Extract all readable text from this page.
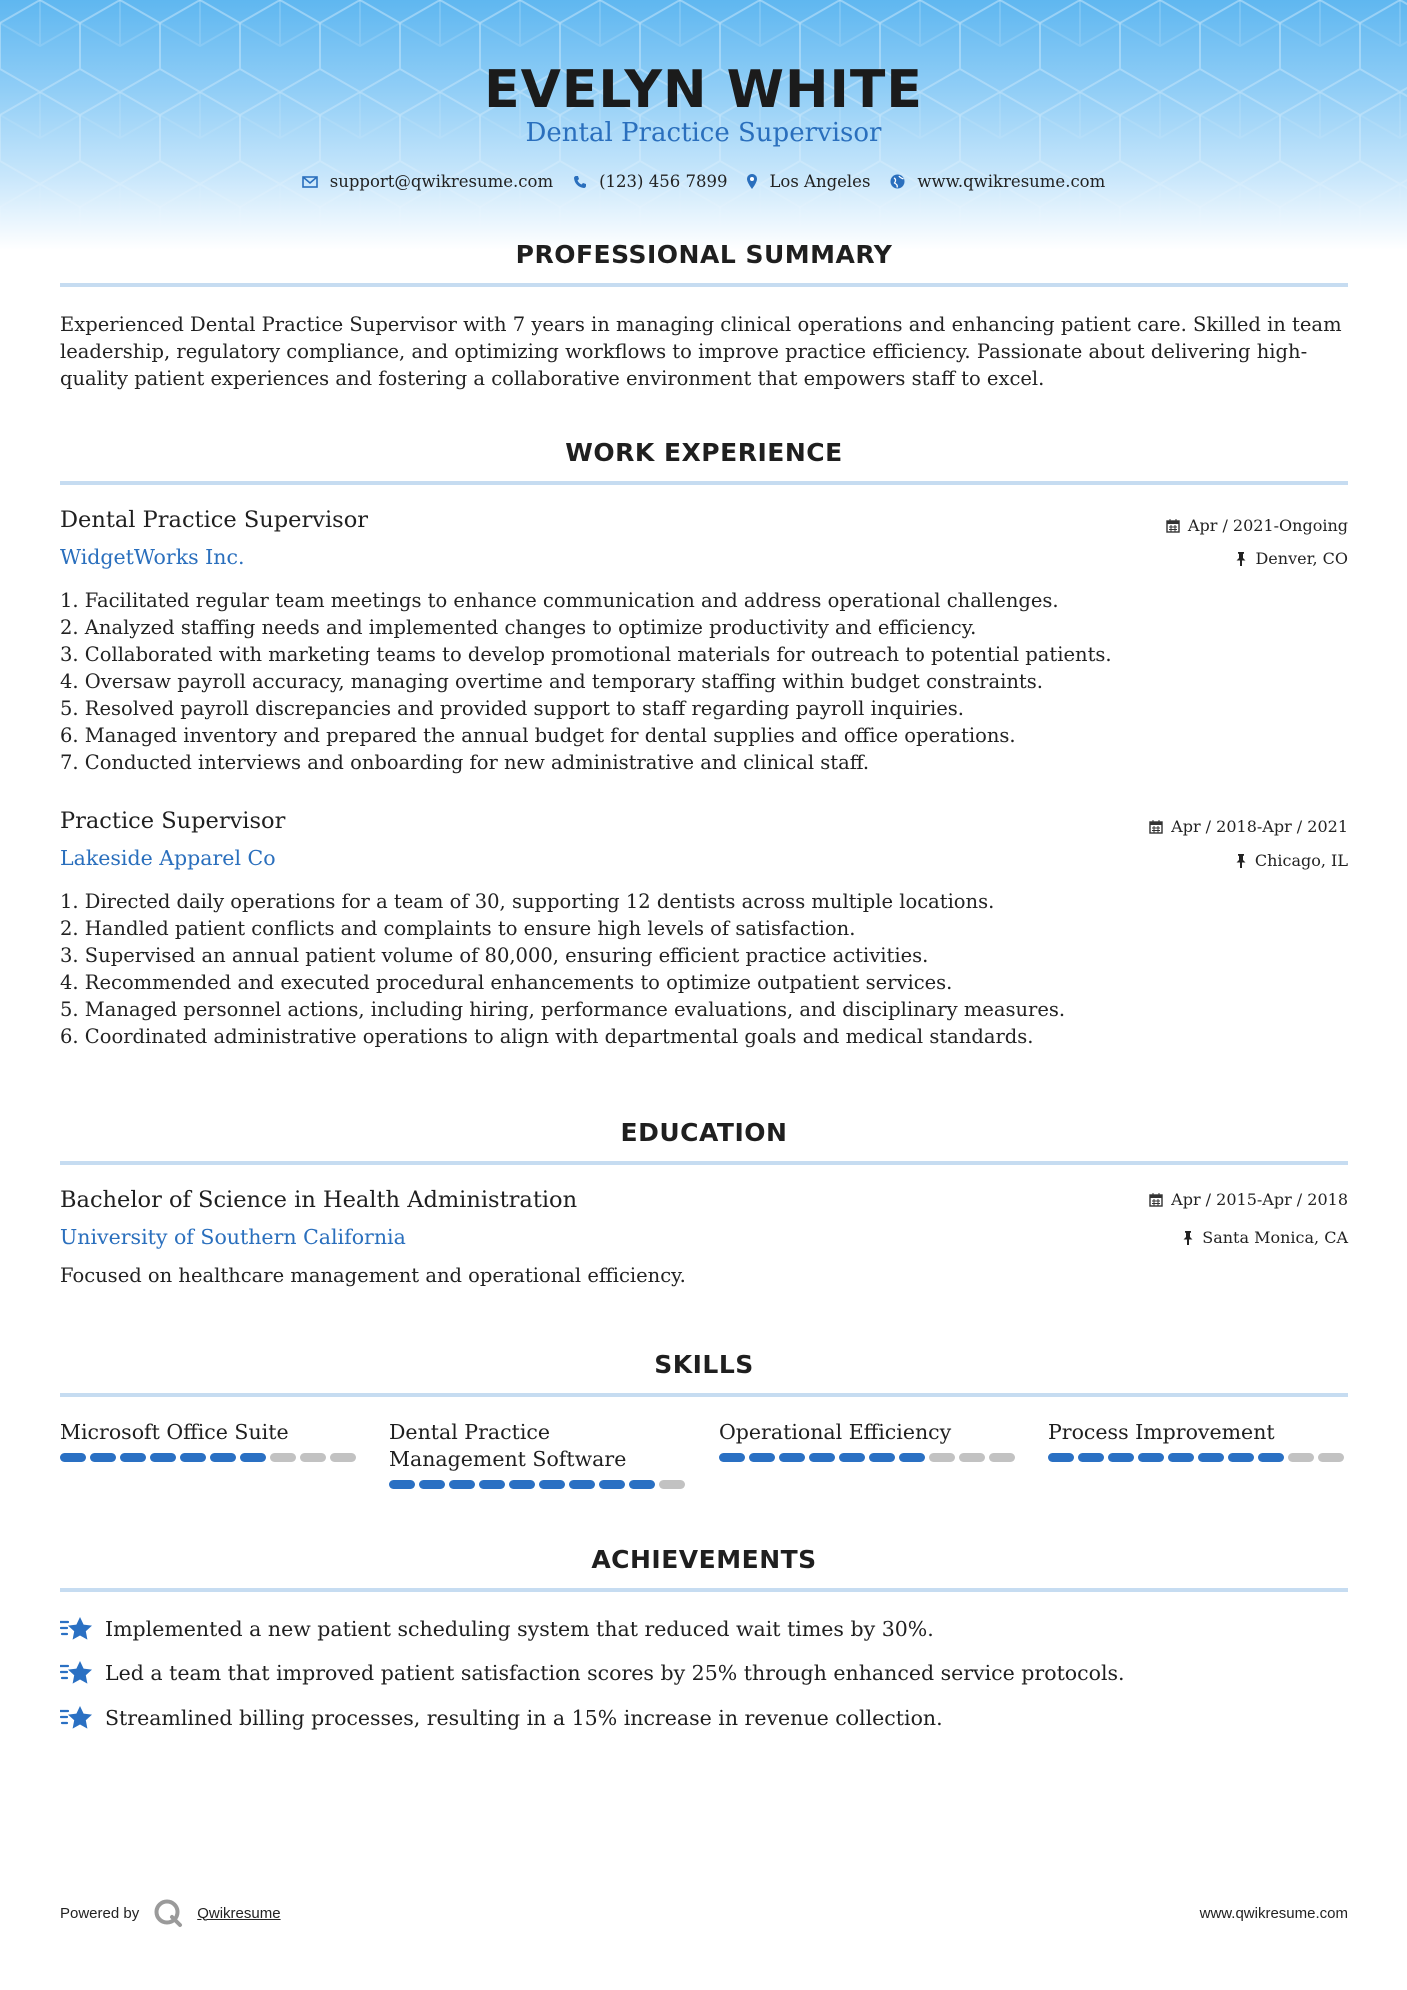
EVELYN WHITE
Dental Practice Supervisor
support@qwikresume.com	(123) 456 7899	Los Angeles	www.qwikresume.com
PROFESSIONAL SUMMARY
Experienced Dental Practice Supervisor with 7 years in managing clinical operations and enhancing patient care. Skilled in team leadership, regulatory compliance, and optimizing workflows to improve practice efficiency. Passionate about delivering high-quality patient experiences and fostering a collaborative environment that empowers staff to excel.
WORK EXPERIENCE
Dental Practice Supervisor	Apr / 2021-Ongoing
WidgetWorks Inc.	Denver, CO
1. Facilitated regular team meetings to enhance communication and address operational challenges.
2. Analyzed staffing needs and implemented changes to optimize productivity and efficiency.
3. Collaborated with marketing teams to develop promotional materials for outreach to potential patients.
4. Oversaw payroll accuracy, managing overtime and temporary staffing within budget constraints.
5. Resolved payroll discrepancies and provided support to staff regarding payroll inquiries.
6. Managed inventory and prepared the annual budget for dental supplies and office operations.
7. Conducted interviews and onboarding for new administrative and clinical staff.
Practice Supervisor	Apr / 2018-Apr / 2021
Lakeside Apparel Co	Chicago, IL
1. Directed daily operations for a team of 30, supporting 12 dentists across multiple locations.
2. Handled patient conflicts and complaints to ensure high levels of satisfaction.
3. Supervised an annual patient volume of 80,000, ensuring efficient practice activities.
4. Recommended and executed procedural enhancements to optimize outpatient services.
5. Managed personnel actions, including hiring, performance evaluations, and disciplinary measures.
6. Coordinated administrative operations to align with departmental goals and medical standards.
EDUCATION
Bachelor of Science in Health Administration	Apr / 2015-Apr / 2018
University of Southern California	Santa Monica, CA
Focused on healthcare management and operational efficiency.
SKILLS
Microsoft Office Suite	Dental Practice Management Software
Operational Efficiency	Process Improvement
ACHIEVEMENTS
Implemented a new patient scheduling system that reduced wait times by 30%.
Led a team that improved patient satisfaction scores by 25% through enhanced service protocols.
Streamlined billing processes, resulting in a 15% increase in revenue collection.
Powered by	Qwikresume	www.qwikresume.com
